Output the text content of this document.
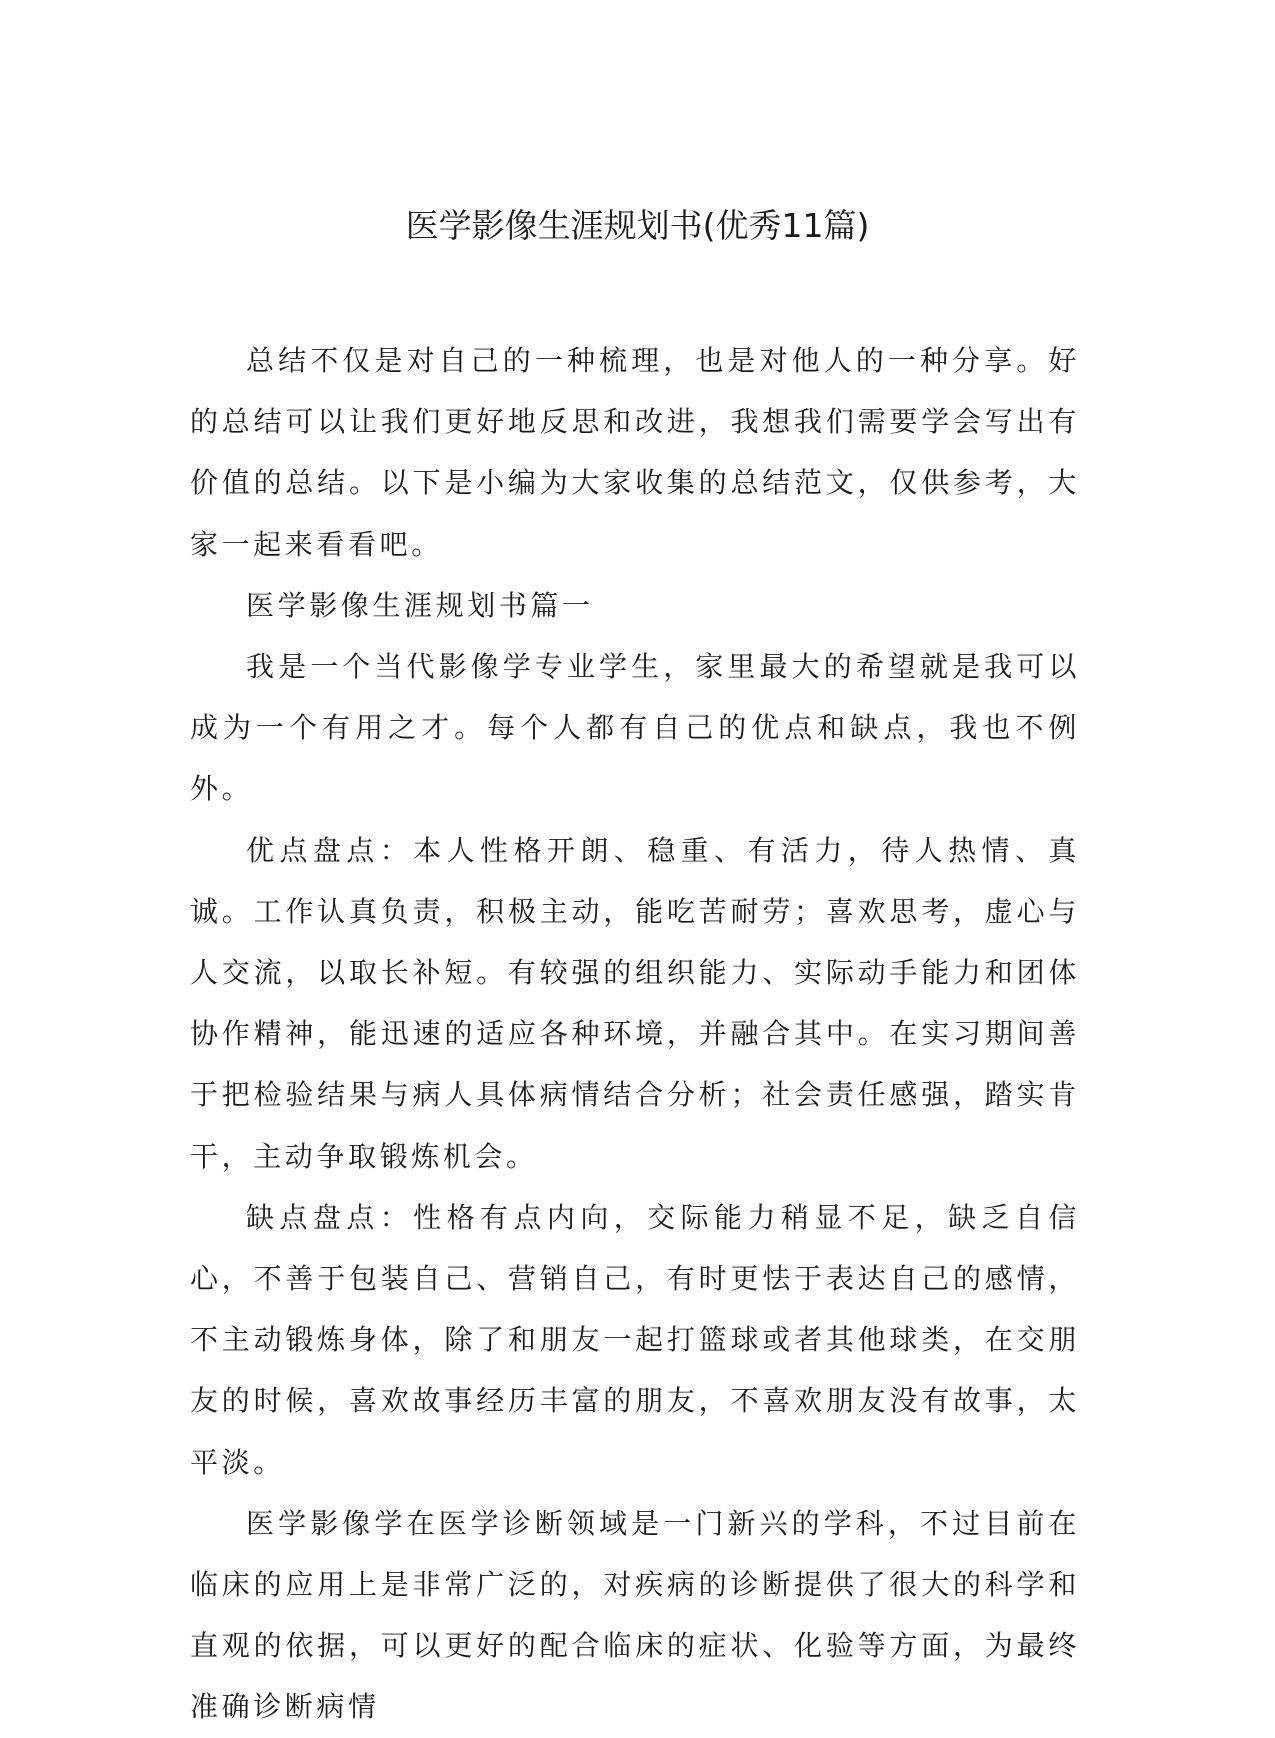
医学影像生涯规划书(优秀11篇)

总结不仅是对自己的一种梳理，也是对他人的一种分享。好的总结可以让我们更好地反思和改进，我想我们需要学会写出有价值的总结。以下是小编为大家收集的总结范文，仅供参考，大家一起来看看吧。

医学影像生涯规划书篇一

我是一个当代影像学专业学生，家里最大的希望就是我可以成为一个有用之才。每个人都有自己的优点和缺点，我也不例外。

优点盘点：本人性格开朗、稳重、有活力，待人热情、真诚。工作认真负责，积极主动，能吃苦耐劳；喜欢思考，虚心与人交流，以取长补短。有较强的组织能力、实际动手能力和团体协作精神，能迅速的适应各种环境，并融合其中。在实习期间善于把检验结果与病人具体病情结合分析；社会责任感强，踏实肯干，主动争取锻炼机会。

缺点盘点：性格有点内向，交际能力稍显不足，缺乏自信心，不善于包装自己、营销自己，有时更怯于表达自己的感情，不主动锻炼身体，除了和朋友一起打篮球或者其他球类，在交朋友的时候，喜欢故事经历丰富的朋友，不喜欢朋友没有故事，太平淡。

医学影像学在医学诊断领域是一门新兴的学科，不过目前在临床的应用上是非常广泛的，对疾病的诊断提供了很大的科学和直观的依据，可以更好的配合临床的症状、化验等方面，为最终准确诊断病情
